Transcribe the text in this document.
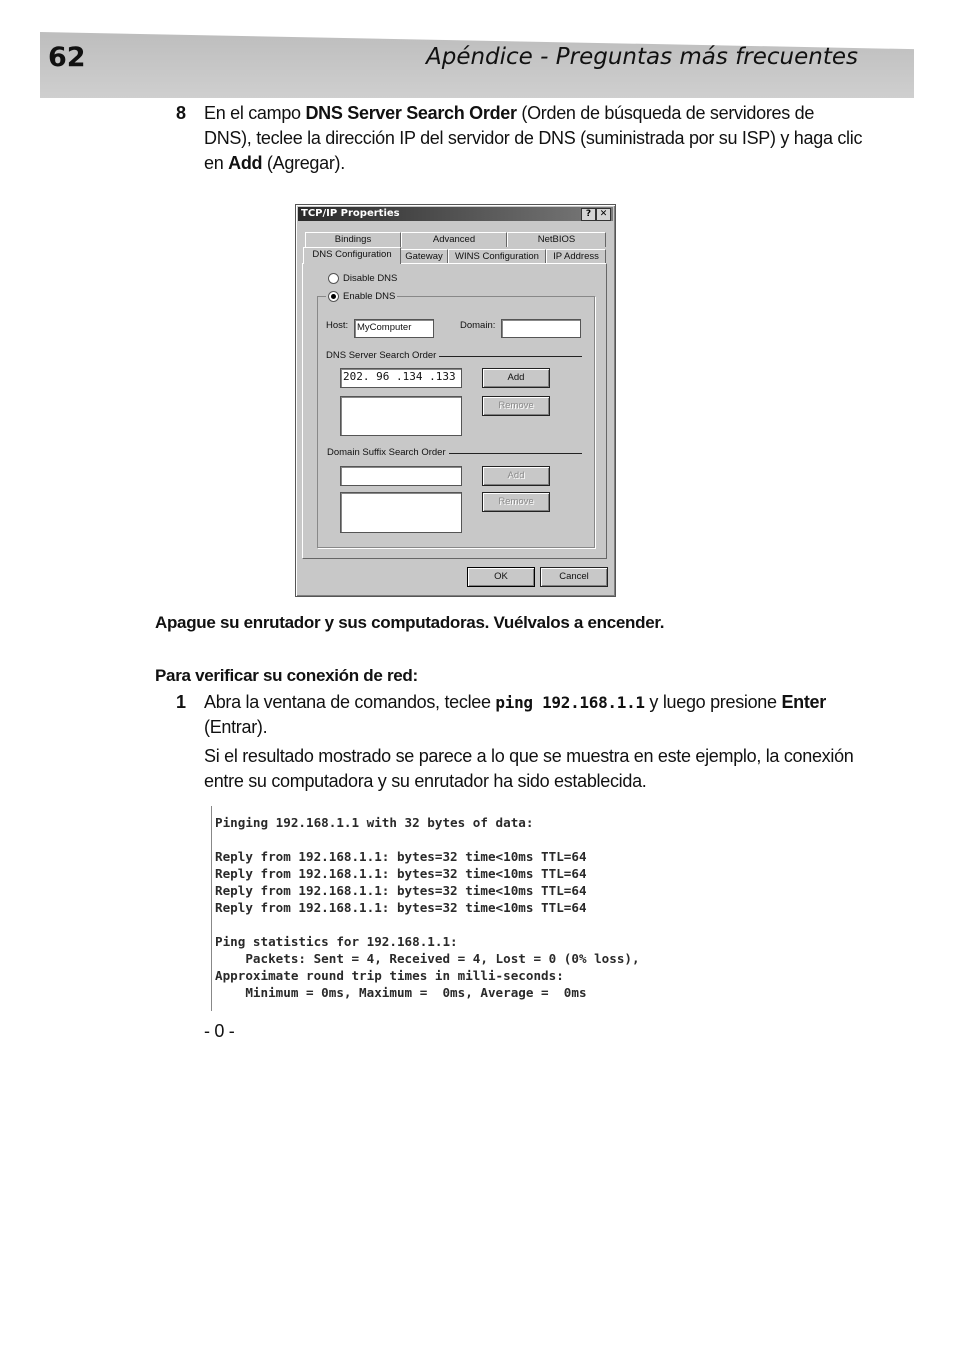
62	Apéndice - Preguntas más frecuentes
8 En el campo DNS Server Search Order (Orden de búsqueda de servidores de DNS), teclee la dirección IP del servidor de DNS (suministrada por su ISP) y haga clic en Add (Agregar).
TCP/IP Properties	? ✕
Bindings	Advanced	NetBIOS
DNS Configuration	Gateway	WINS Configuration	IP Address
Disable DNS
Enable DNS
Host: MyComputer	Domain:
DNS Server Search Order
202. 96 .134 .133	Add
Remove
Domain Suffix Search Order
Add
Remove
OK	Cancel
Apague su enrutador y sus computadoras. Vuélvalos a encender.
Para verificar su conexión de red:
1 Abra la ventana de comandos, teclee ping 192.168.1.1 y luego presione Enter (Entrar).

Si el resultado mostrado se parece a lo que se muestra en este ejemplo, la conexión entre su computadora y su enrutador ha sido establecida.

Pinging 192.168.1.1 with 32 bytes of data:

Reply from 192.168.1.1: bytes=32 time<10ms TTL=64
Reply from 192.168.1.1: bytes=32 time<10ms TTL=64
Reply from 192.168.1.1: bytes=32 time<10ms TTL=64
Reply from 192.168.1.1: bytes=32 time<10ms TTL=64

Ping statistics for 192.168.1.1:
Packets: Sent = 4, Received = 4, Lost = 0 (0% loss),
Approximate round trip times in milli-seconds:
Minimum = 0ms, Maximum =  0ms, Average =  0ms
- 0 -
